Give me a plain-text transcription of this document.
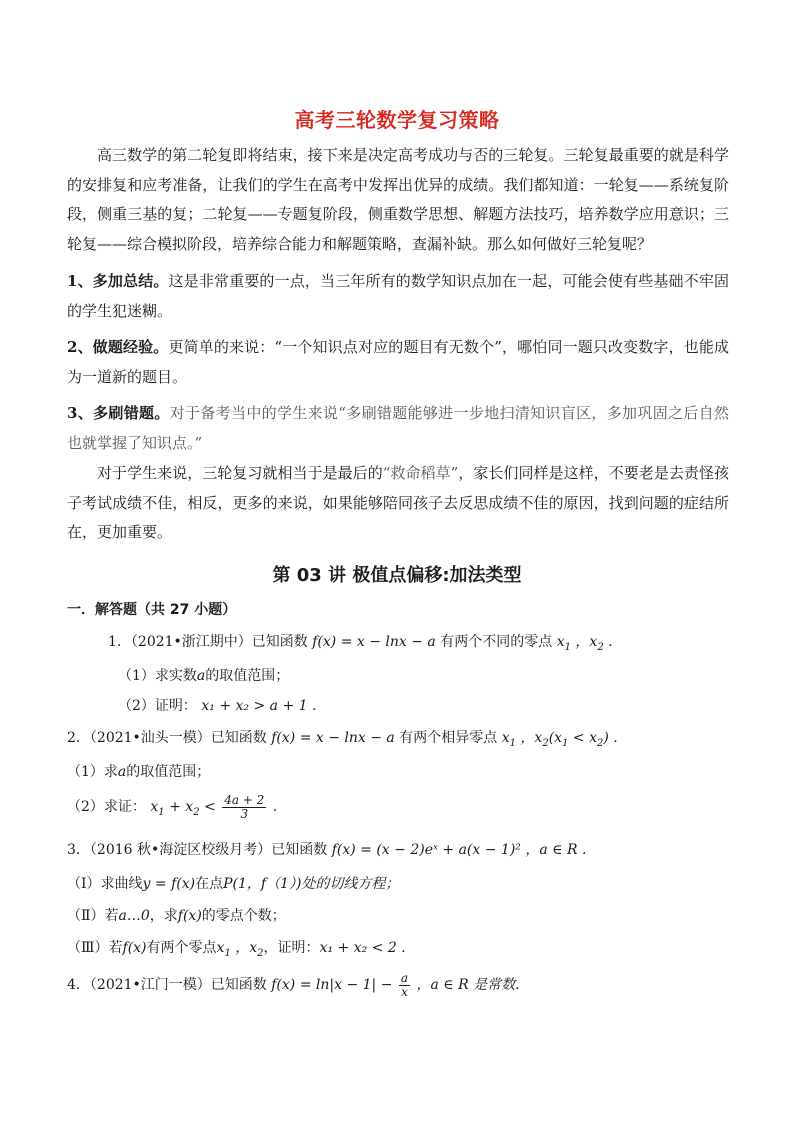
高考三轮数学复习策略
高三数学的第二轮复即将结束，接下来是决定高考成功与否的三轮复。三轮复最重要的就是科学的安排复和应考准备，让我们的学生在高考中发挥出优异的成绩。我们都知道：一轮复——系统复阶段，侧重三基的复；二轮复——专题复阶段，侧重数学思想、解题方法技巧，培养数学应用意识；三轮复——综合模拟阶段，培养综合能力和解题策略，查漏补缺。那么如何做好三轮复呢？
1、多加总结。这是非常重要的一点，当三年所有的数学知识点加在一起，可能会使有些基础不牢固的学生犯迷糊。
2、做题经验。更简单的来说：“一个知识点对应的题目有无数个”，哪怕同一题只改变数字，也能成为一道新的题目。
3、多刷错题。对于备考当中的学生来说“多刷错题能够进一步地扫清知识盲区，多加巩固之后自然也就掌握了知识点。”
对于学生来说，三轮复习就相当于是最后的“救命稻草”，家长们同样是这样，不要老是去责怪孩子考试成绩不佳，相反，更多的来说，如果能够陪同孩子去反思成绩不佳的原因，找到问题的症结所在，更加重要。
第 03 讲 极值点偏移:加法类型
一．解答题（共 27 小题）
1．（2021•浙江期中）已知函数 f(x) = x − lnx − a 有两个不同的零点 $x_1$ ，$x_2$ .
（1）求实数a的取值范围；
（2）证明： x₁ + x₂ > a + 1 .
2．（2021•汕头一模）已知函数 f(x) = x − lnx − a 有两个相异零点 $x_1$ ，$x_2(x_1 < x_2)$ .
（1）求a的取值范围；
（2）求证： $x_1 + x_2 < \frac{4a + 2}{3}$ .
3．（2016 秋•海淀区校级月考）已知函数 f(x) = (x − 2)eˣ + a(x − 1)² ，a ∈ R .
（Ⅰ）求曲线y = f(x)在点P(1，f（1）)处的切线方程；
（Ⅱ）若a…0，求f(x)的零点个数；
（Ⅲ）若f(x)有两个零点$x_1$ ，$x_2$，证明：x₁ + x₂ < 2 .
4．（2021•江门一模）已知函数 $f(x) = \ln|x - 1| - \frac{a}{x}$ ，a ∈ R 是常数.
